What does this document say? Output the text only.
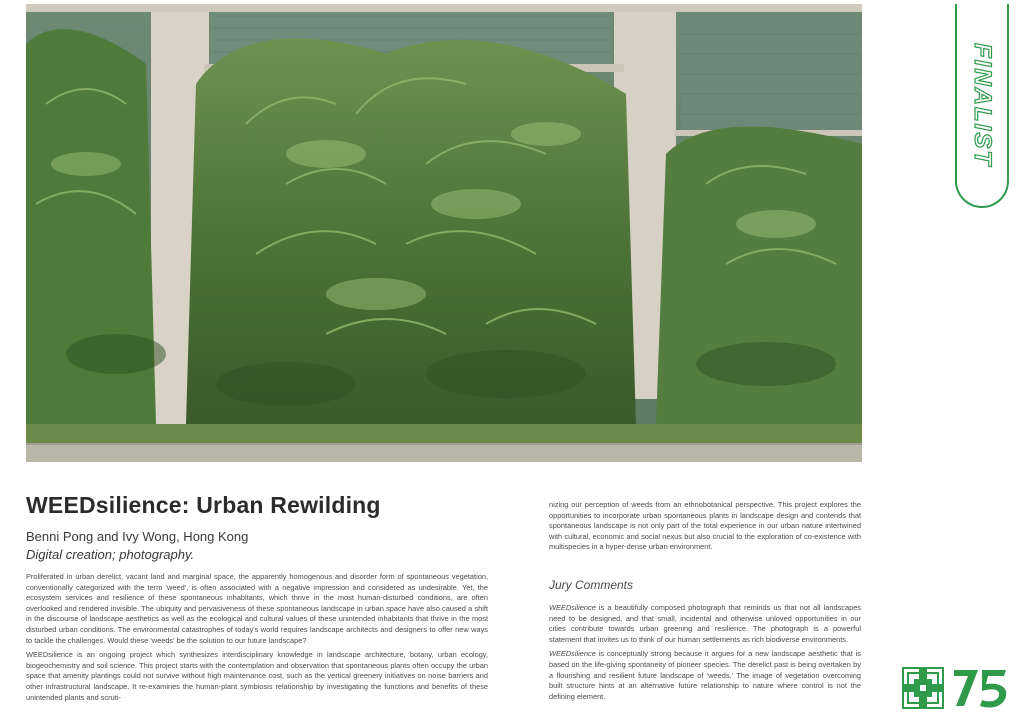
FINALIST
WEEDsilience: Urban Rewilding
Benni Pong and Ivy Wong, Hong Kong
Digital creation; photography.

Proliferated in urban derelict, vacant land and marginal space, the apparently homogenous and disorder form of spontaneous vegetation, conventionally categorized with the term 'weed', is often associated with a negative impression and considered as undesirable. Yet, the ecosystem services and resilience of these spontaneous inhabitants, which thrive in the most human-disturbed conditions, are often overlooked and rendered invisible. The ubiquity and pervasiveness of these spontaneous landscape in urban space have also caused a shift in the discourse of landscape aesthetics as well as the ecological and cultural values of these unintended inhabitants that thrive in the most disturbed urban conditions. The environmental catastrophes of today's world requires landscape architects and designers to offer new ways to tackle the challenges. Would these 'weeds' be the solution to our future landscape?

WEEDsilience is an ongoing project which synthesizes interdisciplinary knowledge in landscape architecture, botany, urban ecology, biogeochemistry and soil science. This project starts with the contemplation and observation that spontaneous plants often occupy the urban space that amenity plantings could not survive without high maintenance cost, such as the vertical greenery initiatives on noise barriers and other infrastructural landscape. It re-examines the human-plant symbiosis relationship by investigating the functions and benefits of these unintended plants and scruti-

nizing our perception of weeds from an ethnobotanical perspective. This project explores the opportunities to incorporate urban spontaneous plants in landscape design and contends that spontaneous landscape is not only part of the total experience in our urban nature intertwined with cultural, economic and social nexus but also crucial to the exploration of co-existence with multispecies in a hyper-dense urban environment.

Jury Comments

WEEDsilience is a beautifully composed photograph that reminds us that not all landscapes need to be designed, and that small, incidental and otherwise unloved opportunities in our cities contribute towards urban greening and resilience. The photograph is a powerful statement that invites us to think of our human settlements as rich biodiverse environments.

WEEDsilience is conceptually strong because it argues for a new landscape aesthetic that is based on the life-giving spontaneity of pioneer species. The derelict past is being overtaken by a flourishing and resilient future landscape of 'weeds.' The image of vegetation overcoming built structure hints at an alternative future relationship to nature where control is not the defining element.
